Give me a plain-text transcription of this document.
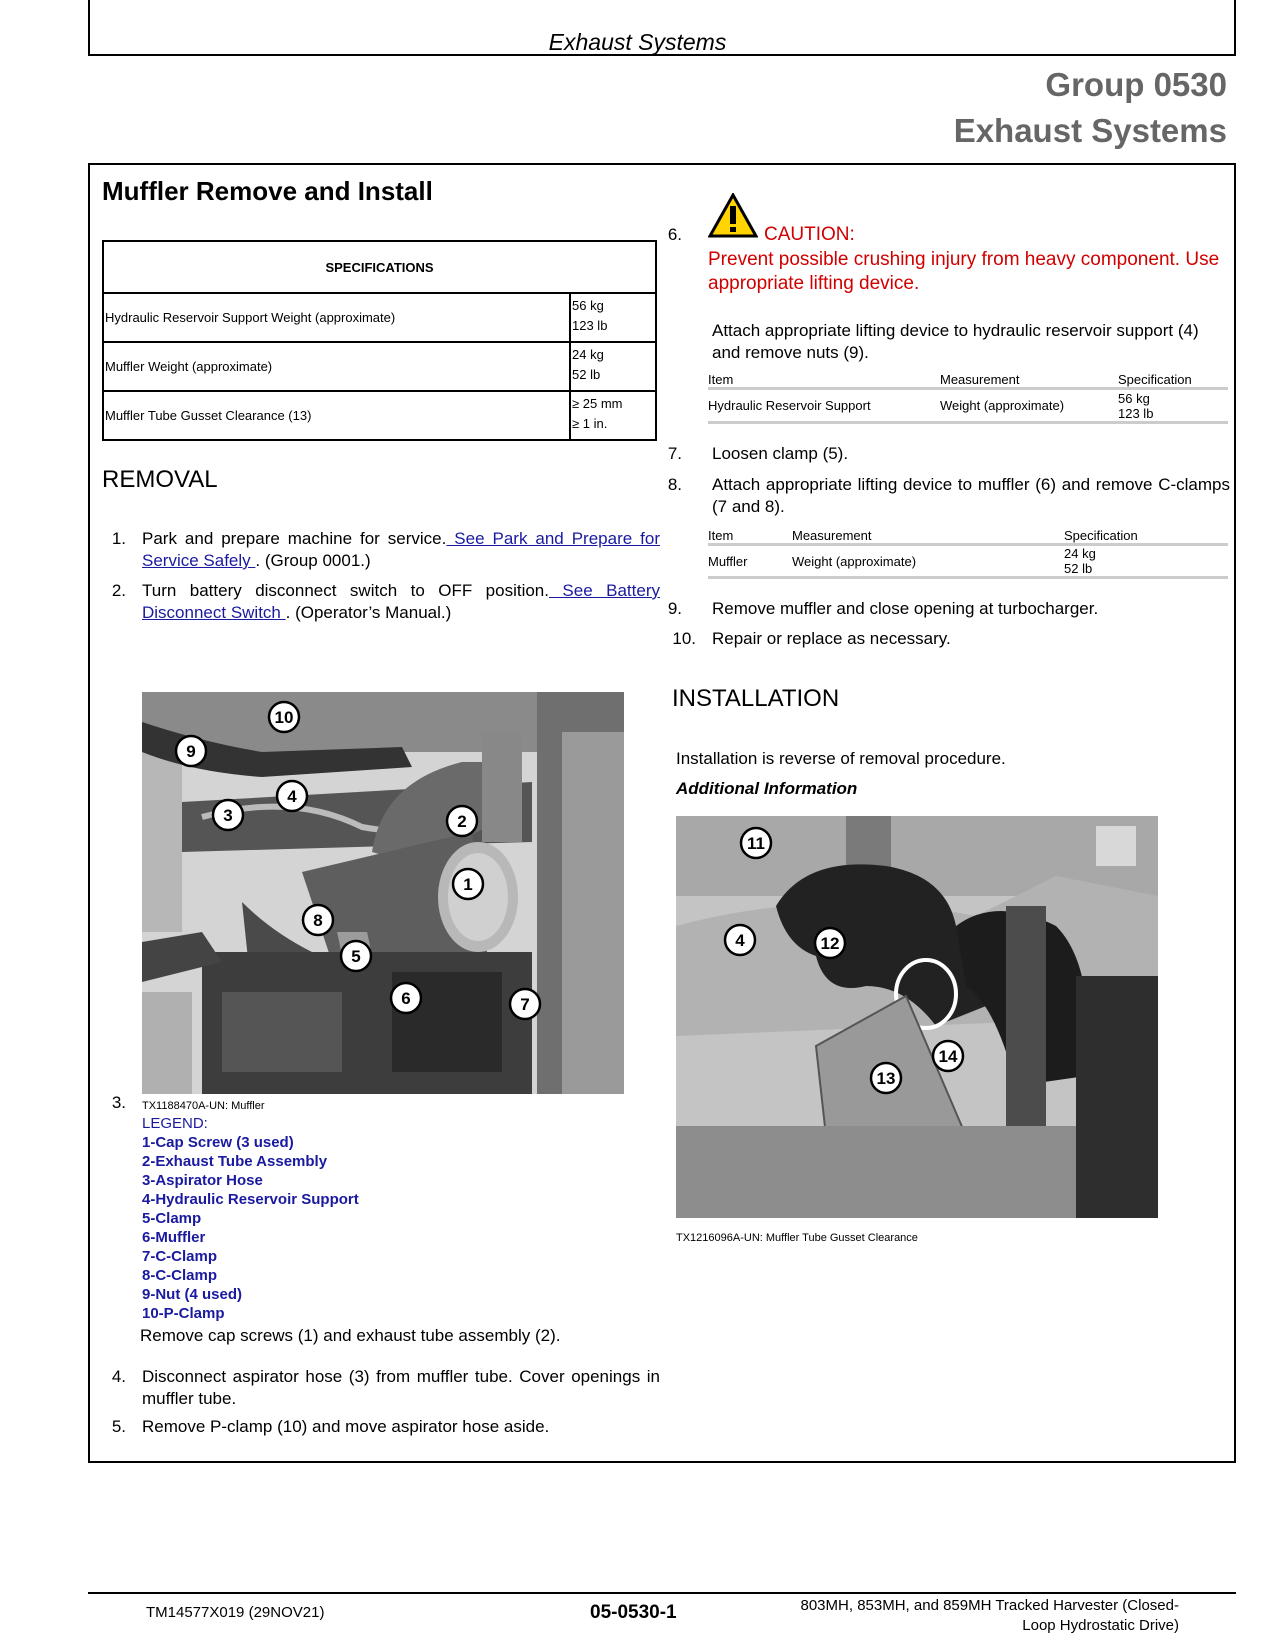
Exhaust Systems
Group 0530
Exhaust Systems
Muffler Remove and Install
SPECIFICATIONS	
Hydraulic Reservoir Support Weight (approximate)	56 kg
123 lb

Muffler Weight (approximate)	24 kg
52 lb

Muffler Tube Gusset Clearance (13)	≥ 25 mm
≥ 1 in.
REMOVAL
1. Park and prepare machine for service. See Park and Prepare for Service Safely . (Group 0001.)
2. Turn battery disconnect switch to OFF position. See Battery Disconnect Switch . (Operator’s Manual.)
10
9
4
3	2
1
8
5
6	7
3. TX1188470A-UN: Muffler
LEGEND:
1-Cap Screw (3 used)
2-Exhaust Tube Assembly
3-Aspirator Hose
4-Hydraulic Reservoir Support
5-Clamp
6-Muffler
7-C-Clamp
8-C-Clamp
9-Nut (4 used)
10-P-Clamp
Remove cap screws (1) and exhaust tube assembly (2).
4. Disconnect aspirator hose (3) from muffler tube. Cover openings in muffler tube.
5. Remove P-clamp (10) and move aspirator hose aside.
6.	CAUTION:
Prevent possible crushing injury from heavy component. Use appropriate lifting device.
Attach appropriate lifting device to hydraulic reservoir support (4) and remove nuts (9).
Item	Measurement	Specification
Hydraulic Reservoir Support	Weight (approximate)	56 kg
123 lb
7. Loosen clamp (5).
8. Attach appropriate lifting device to muffler (6) and remove C-clamps (7 and 8).
Item	Measurement	Specification
Muffler	Weight (approximate)	24 kg
52 lb
9. Remove muffler and close opening at turbocharger.
10. Repair or replace as necessary.
INSTALLATION
Installation is reverse of removal procedure.
Additional Information
11
4	12
13
14
TX1216096A-UN: Muffler Tube Gusset Clearance
TM14577X019 (29NOV21)	05-0530-1	803MH, 853MH, and 859MH Tracked Harvester (Closed-
Loop Hydrostatic Drive)
